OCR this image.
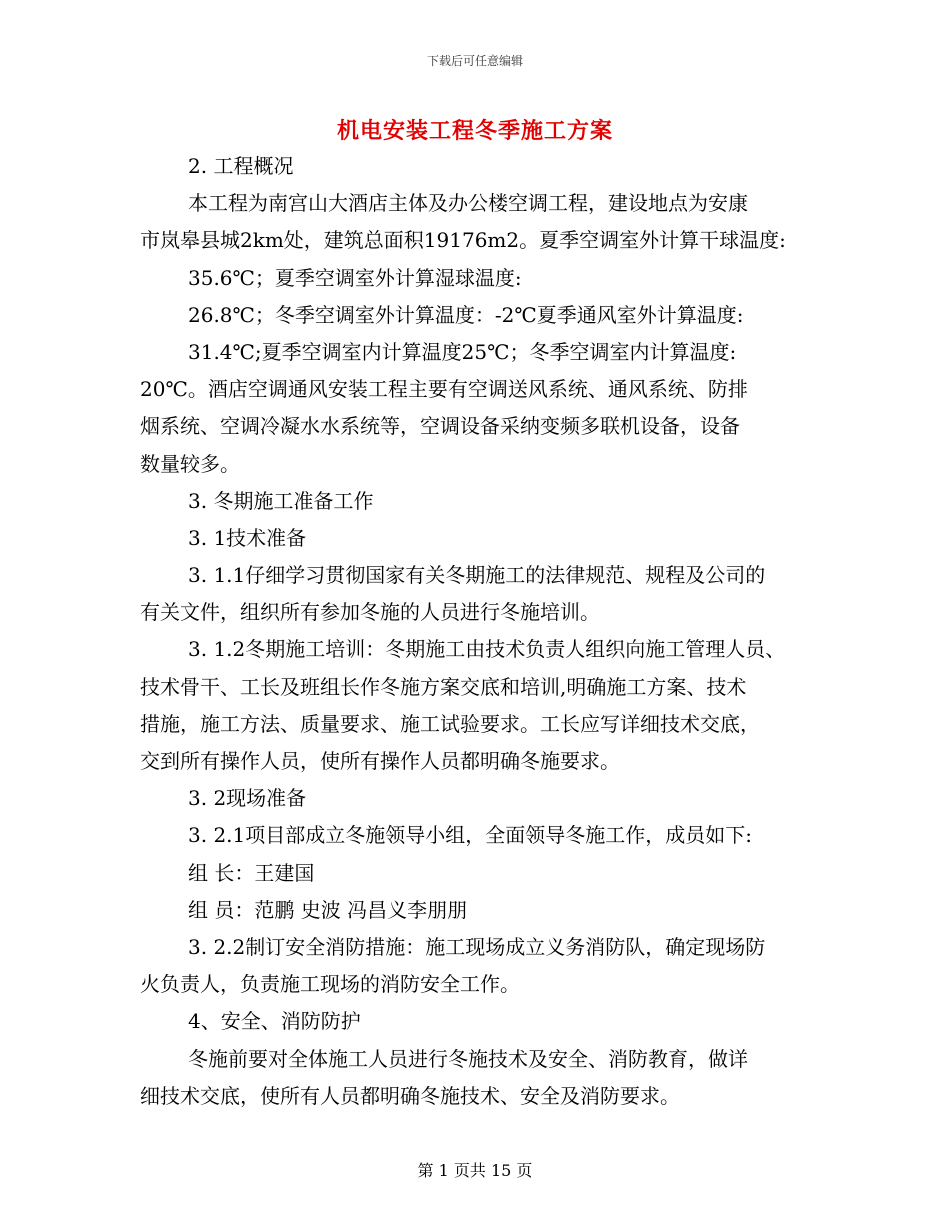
下载后可任意编辑
机电安装工程冬季施工方案
2. 工程概况
本工程为南宫山大酒店主体及办公楼空调工程，建设地点为安康
市岚皋县城2km处，建筑总面积19176m2。夏季空调室外计算干球温度:
35.6℃；夏季空调室外计算湿球温度:
26.8℃；冬季空调室外计算温度：-2℃夏季通风室外计算温度:
31.4℃;夏季空调室内计算温度25℃；冬季空调室内计算温度:
20℃。酒店空调通风安装工程主要有空调送风系统、通风系统、防排
烟系统、空调冷凝水水系统等，空调设备采纳变频多联机设备，设备
数量较多。
3. 冬期施工准备工作
3. 1技术准备
3. 1.1仔细学习贯彻国家有关冬期施工的法律规范、规程及公司的
有关文件，组织所有参加冬施的人员进行冬施培训。
3. 1.2冬期施工培训：冬期施工由技术负责人组织向施工管理人员、
技术骨干、工长及班组长作冬施方案交底和培训,明确施工方案、技术
措施，施工方法、质量要求、施工试验要求。工长应写详细技术交底，
交到所有操作人员，使所有操作人员都明确冬施要求。
3. 2现场准备
3. 2.1项目部成立冬施领导小组，全面领导冬施工作，成员如下:
组 长：王建国
组 员：范鹏 史波 冯昌义李朋朋
3. 2.2制订安全消防措施：施工现场成立义务消防队，确定现场防
火负责人，负责施工现场的消防安全工作。
4、安全、消防防护
冬施前要对全体施工人员进行冬施技术及安全、消防教育，做详
细技术交底，使所有人员都明确冬施技术、安全及消防要求。
第 1 页共 15 页
